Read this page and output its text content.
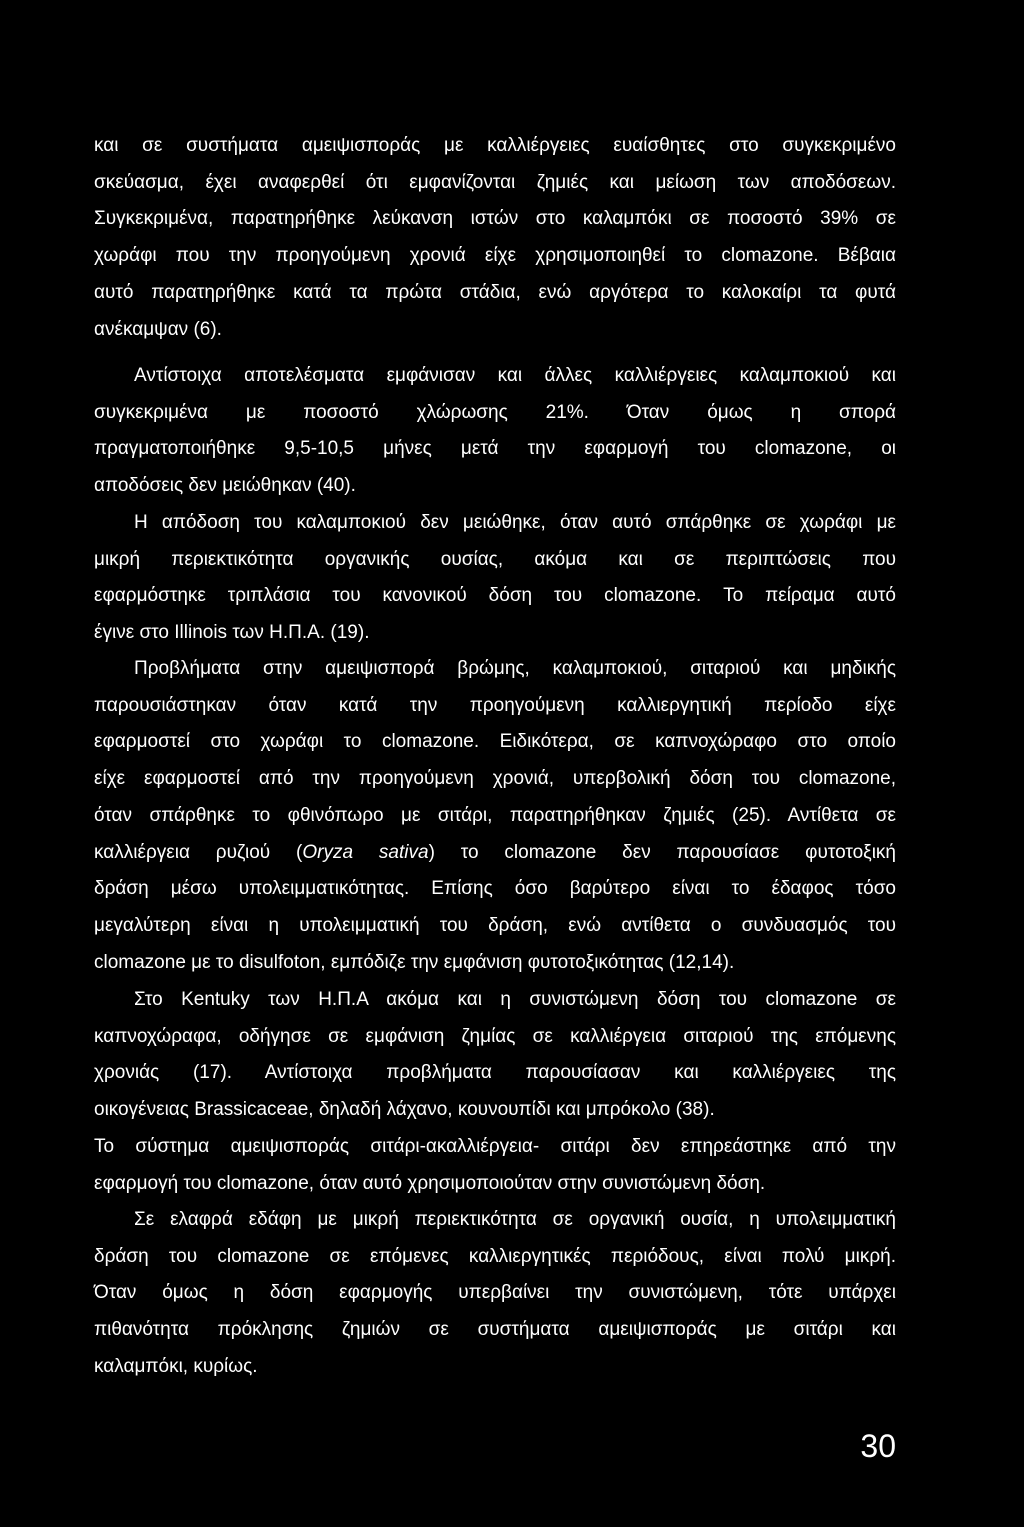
και σε συστήματα αμειψισποράς με καλλιέργειες ευαίσθητες στο συγκεκριμένο
σκεύασμα, έχει αναφερθεί ότι εμφανίζονται ζημιές και μείωση των αποδόσεων.
Συγκεκριμένα, παρατηρήθηκε λεύκανση ιστών στο καλαμπόκι σε ποσοστό 39% σε
χωράφι που την προηγούμενη χρονιά είχε χρησιμοποιηθεί το clomazone. Βέβαια
αυτό παρατηρήθηκε κατά τα πρώτα στάδια, ενώ αργότερα το καλοκαίρι τα φυτά
ανέκαμψαν (6).
Αντίστοιχα αποτελέσματα εμφάνισαν και άλλες καλλιέργειες καλαμποκιού και
συγκεκριμένα με ποσοστό χλώρωσης 21%. Όταν όμως η σπορά
πραγματοποιήθηκε 9,5-10,5 μήνες μετά την εφαρμογή του clomazone, οι
αποδόσεις δεν μειώθηκαν (40).
Η απόδοση του καλαμποκιού δεν μειώθηκε, όταν αυτό σπάρθηκε σε χωράφι με
μικρή περιεκτικότητα οργανικής ουσίας, ακόμα και σε περιπτώσεις που
εφαρμόστηκε τριπλάσια του κανονικού δόση του clomazone. Το πείραμα αυτό
έγινε στο Illinois των Η.Π.Α. (19).
Προβλήματα στην αμειψισπορά βρώμης, καλαμποκιού, σιταριού και μηδικής
παρουσιάστηκαν όταν κατά την προηγούμενη καλλιεργητική περίοδο είχε
εφαρμοστεί στο χωράφι το clomazone. Ειδικότερα, σε καπνοχώραφο στο οποίο
είχε εφαρμοστεί από την προηγούμενη χρονιά, υπερβολική δόση του clomazone,
όταν σπάρθηκε το φθινόπωρο με σιτάρι, παρατηρήθηκαν ζημιές (25). Αντίθετα σε
καλλιέργεια ρυζιού (Oryza sativa) το clomazone δεν παρουσίασε φυτοτοξική
δράση μέσω υπολειμματικότητας. Επίσης όσο βαρύτερο είναι το έδαφος τόσο
μεγαλύτερη είναι η υπολειμματική του δράση, ενώ αντίθετα ο συνδυασμός του
clomazone με το disulfoton, εμπόδιζε την εμφάνιση φυτοτοξικότητας (12,14).
Στο Kentuky των Η.Π.Α ακόμα και η συνιστώμενη δόση του clomazone σε
καπνοχώραφα, οδήγησε σε εμφάνιση ζημίας σε καλλιέργεια σιταριού της επόμενης
χρονιάς (17). Αντίστοιχα προβλήματα παρουσίασαν και καλλιέργειες της
οικογένειας Brassicaceae, δηλαδή λάχανο, κουνουπίδι και μπρόκολο (38).
Το σύστημα αμειψισποράς σιτάρι-ακαλλιέργεια- σιτάρι δεν επηρεάστηκε από την
εφαρμογή του clomazone, όταν αυτό χρησιμοποιούταν στην συνιστώμενη δόση.
Σε ελαφρά εδάφη με μικρή περιεκτικότητα σε οργανική ουσία, η υπολειμματική
δράση του clomazone σε επόμενες καλλιεργητικές περιόδους, είναι πολύ μικρή.
Όταν όμως η δόση εφαρμογής υπερβαίνει την συνιστώμενη, τότε υπάρχει
πιθανότητα πρόκλησης ζημιών σε συστήματα αμειψισποράς με σιτάρι και
καλαμπόκι, κυρίως.
30
